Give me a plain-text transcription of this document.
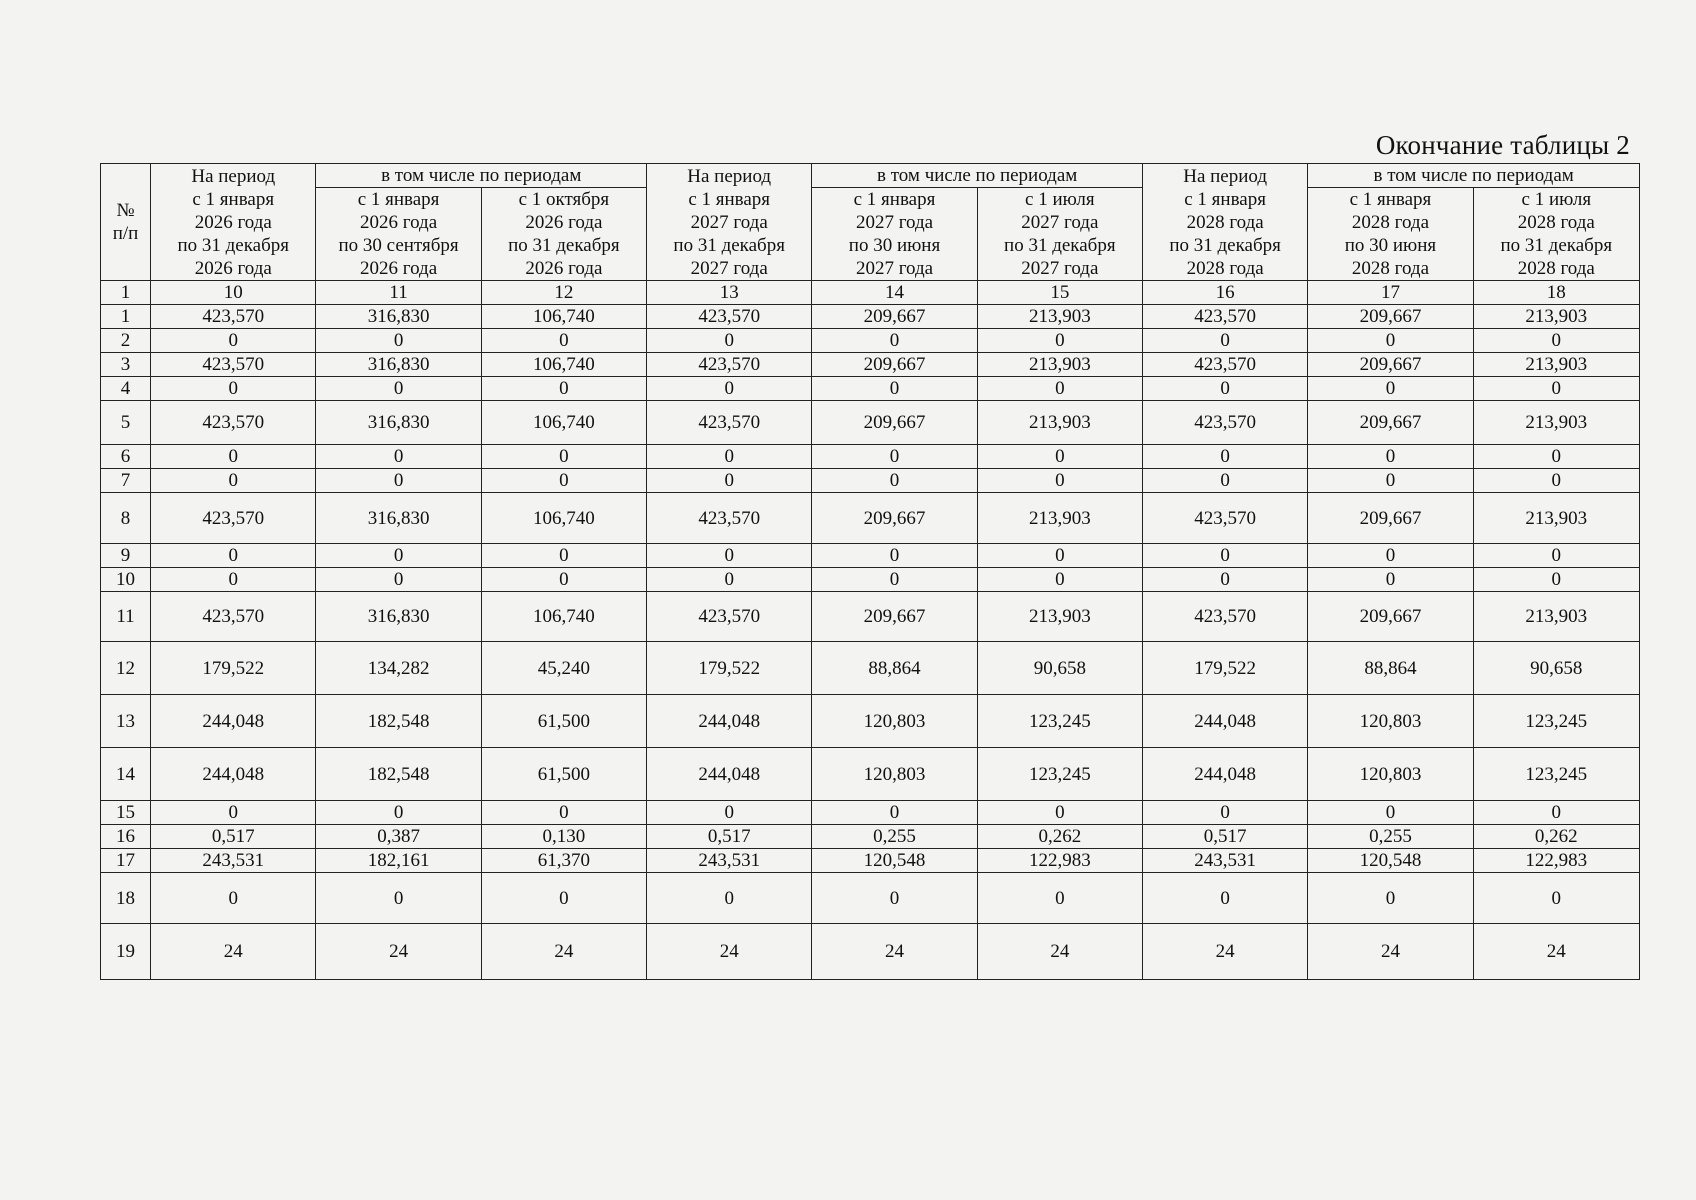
Окончание таблицы 2
№
п/п	На период
с 1 января
2026 года
по 31 декабря
2026 года	в том числе по периодам		На период
с 1 января
2027 года
по 31 декабря
2027 года	в том числе по периодам		На период
с 1 января
2028 года
по 31 декабря
2028 года	в том числе по периодам	

		с 1 января
2026 года
по 30 сентября
2026 года	с 1 октября
2026 года
по 31 декабря
2026 года		с 1 января
2027 года
по 30 июня
2027 года	с 1 июля
2027 года
по 31 декабря
2027 года		с 1 января
2028 года
по 30 июня
2028 года	с 1 июля
2028 года
по 31 декабря
2028 года

1	10	11	12	13	14	15	16	17	18
1	423,570	316,830	106,740	423,570	209,667	213,903	423,570	209,667	213,903
2	0	0	0	0	0	0	0	0	0
3	423,570	316,830	106,740	423,570	209,667	213,903	423,570	209,667	213,903
4	0	0	0	0	0	0	0	0	0
5	423,570	316,830	106,740	423,570	209,667	213,903	423,570	209,667	213,903
6	0	0	0	0	0	0	0	0	0
7	0	0	0	0	0	0	0	0	0
8	423,570	316,830	106,740	423,570	209,667	213,903	423,570	209,667	213,903
9	0	0	0	0	0	0	0	0	0
10	0	0	0	0	0	0	0	0	0
11	423,570	316,830	106,740	423,570	209,667	213,903	423,570	209,667	213,903
12	179,522	134,282	45,240	179,522	88,864	90,658	179,522	88,864	90,658
13	244,048	182,548	61,500	244,048	120,803	123,245	244,048	120,803	123,245
14	244,048	182,548	61,500	244,048	120,803	123,245	244,048	120,803	123,245
15	0	0	0	0	0	0	0	0	0
16	0,517	0,387	0,130	0,517	0,255	0,262	0,517	0,255	0,262
17	243,531	182,161	61,370	243,531	120,548	122,983	243,531	120,548	122,983
18	0	0	0	0	0	0	0	0	0
19	24	24	24	24	24	24	24	24	24
